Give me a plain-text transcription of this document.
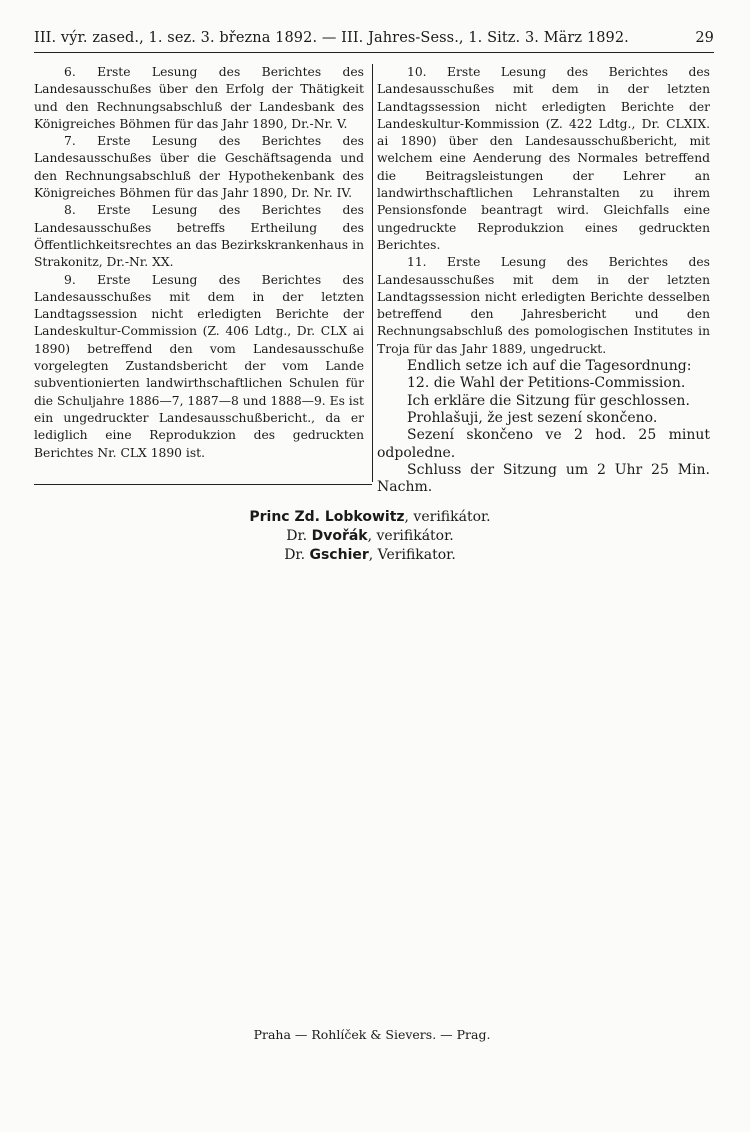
III. výr. zased., 1. sez. 3. března 1892. — III. Jahres-Sess., 1. Sitz. 3. März 1892.	29

6. Erste Lesung des Berichtes des Landesausschußes über den Erfolg der Thätigkeit und den Rechnungsabschluß der Landesbank des Königreiches Böhmen für das Jahr 1890, Dr.-Nr. V.

7. Erste Lesung des Berichtes des Landesausschußes über die Geschäftsagenda und den Rechnungsabschluß der Hypothekenbank des Königreiches Böhmen für das Jahr 1890, Dr. Nr. IV.

8. Erste Lesung des Berichtes des Landesausschußes betreffs Ertheilung des Öffentlichkeitsrechtes an das Bezirkskrankenhaus in Strakonitz, Dr.-Nr. XX.

9. Erste Lesung des Berichtes des Landesausschußes mit dem in der letzten Landtagssession nicht erledigten Berichte der Landeskultur-Commission (Z. 406 Ldtg., Dr. CLX ai 1890) betreffend den vom Landesausschuße vorgelegten Zustandsbericht der vom Lande subventionierten landwirthschaftlichen Schulen für die Schuljahre 1886—7, 1887—8 und 1888—9. Es ist ein ungedruckter Landesausschußbericht., da er lediglich eine Reprodukzion des gedruckten Berichtes Nr. CLX 1890 ist.

10. Erste Lesung des Berichtes des Landesausschußes mit dem in der letzten Landtagssession nicht erledigten Berichte der Landeskultur-Kommission (Z. 422 Ldtg., Dr. CLXIX. ai 1890) über den Landesausschußbericht, mit welchem eine Aenderung des Normales betreffend die Beitragsleistungen der Lehrer an landwirthschaftlichen Lehranstalten zu ihrem Pensionsfonde beantragt wird. Gleichfalls eine ungedruckte Reprodukzion eines gedruckten Berichtes.

11. Erste Lesung des Berichtes des Landesausschußes mit dem in der letzten Landtagssession nicht erledigten Berichte desselben betreffend den Jahresbericht und den Rechnungsabschluß des pomologischen Institutes in Troja für das Jahr 1889, ungedruckt.

Endlich setze ich auf die Tagesordnung:

12. die Wahl der Petitions-Commission.

Ich erkläre die Sitzung für geschlossen.

Prohlašuji, že jest sezení skončeno.

Sezení skončeno ve 2 hod. 25 minut odpoledne.

Schluss der Sitzung um 2 Uhr 25 Min. Nachm.

Princ Zd. Lobkowitz, verifikátor.
Dr. Dvořák, verifikátor.
Dr. Gschier, Verifikator.
Praha — Rohlíček & Sievers. — Prag.
